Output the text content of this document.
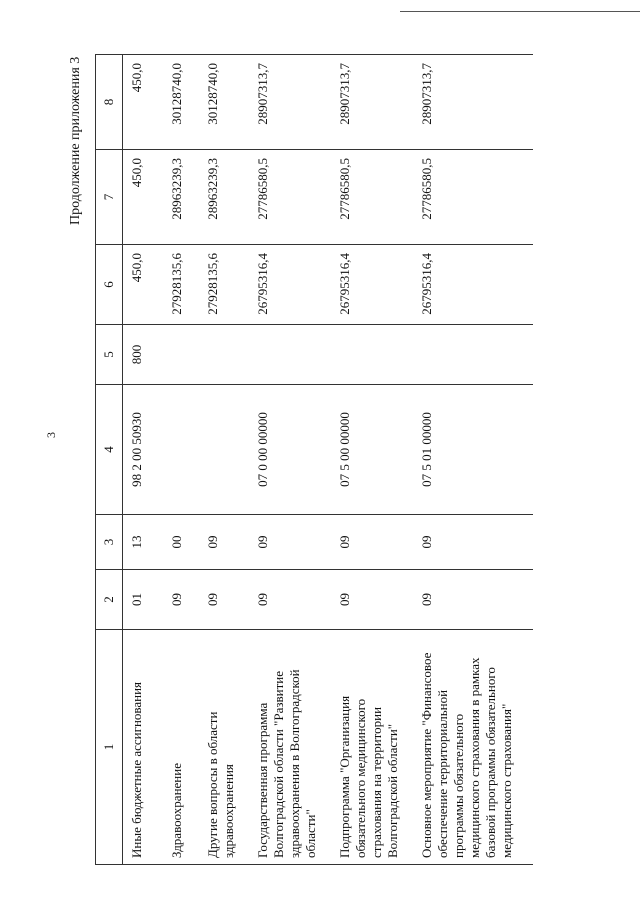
3
Продолжение приложения 3
1	2	3	4	5	6	7	8
Иные бюджетные ассигнования	01	13	98 2 00 50930	800	450,0	450,0	450,0
Здравоохранение	09	00			27928135,6	28963239,3	30128740,0
Другие вопросы в области здравоохранения	09	09			27928135,6	28963239,3	30128740,0
Государственная программа Волгоградской области "Развитие здравоохранения в Волгоградской области"	09	09	07 0 00 00000		26795316,4	27786580,5	28907313,7
Подпрограмма "Организация обязательного медицинского страхования на территории Волгоградской области"	09	09	07 5 00 00000		26795316,4	27786580,5	28907313,7
Основное мероприятие "Финансовое обеспечение территориальной программы обязательного медицинского страхования в рамках базовой программы обязательного медицинского страхования"	09	09	07 5 01 00000		26795316,4	27786580,5	28907313,7
